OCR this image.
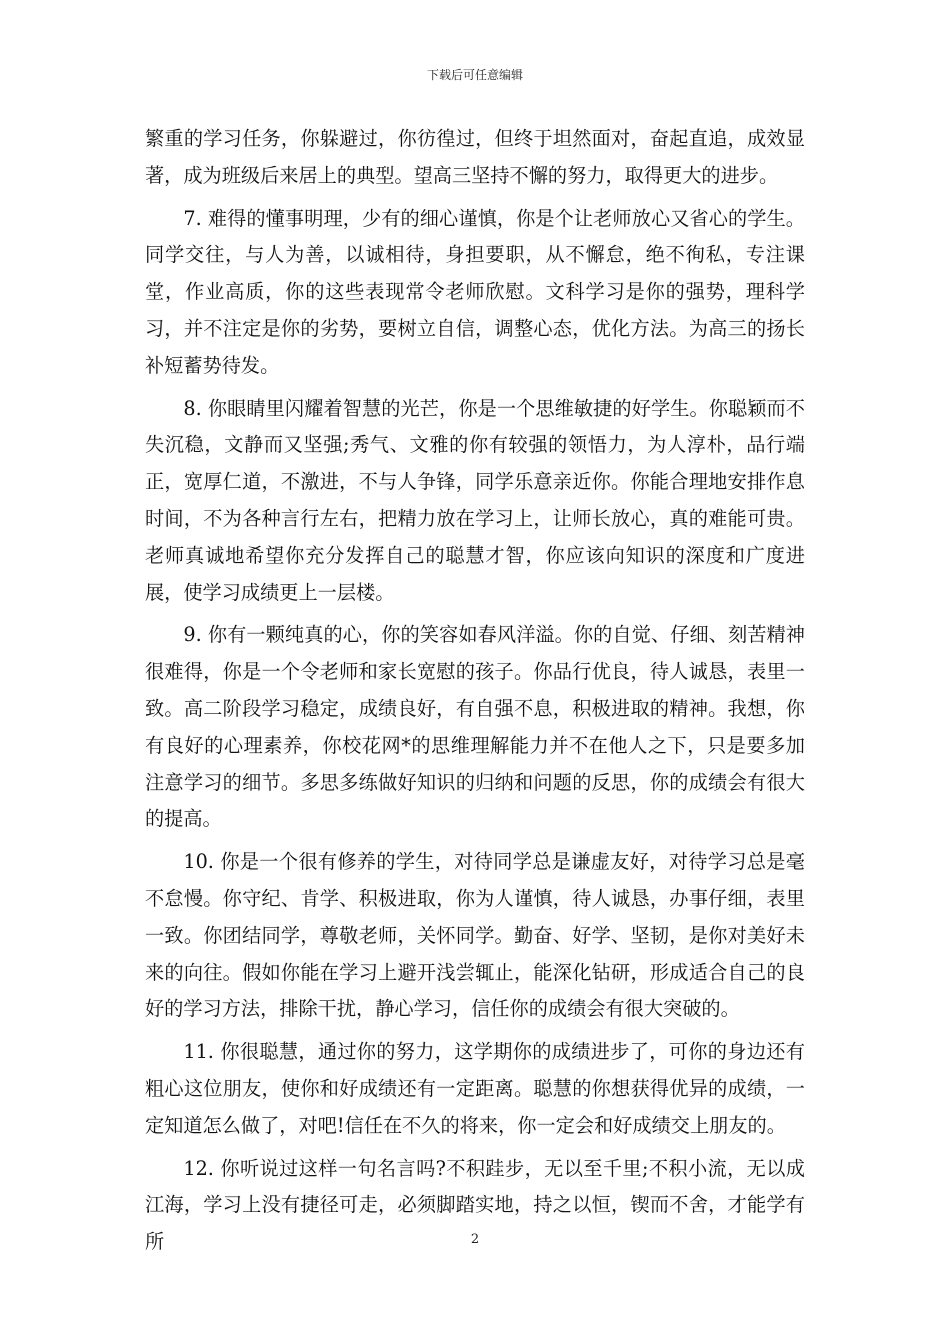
下载后可任意编辑

繁重的学习任务，你躲避过，你彷徨过，但终于坦然面对，奋起直追，成效显著，成为班级后来居上的典型。望高三坚持不懈的努力，取得更大的进步。

7. 难得的懂事明理，少有的细心谨慎，你是个让老师放心又省心的学生。同学交往，与人为善，以诚相待，身担要职，从不懈怠，绝不徇私，专注课堂，作业高质，你的这些表现常令老师欣慰。文科学习是你的强势，理科学习，并不注定是你的劣势，要树立自信，调整心态，优化方法。为高三的扬长补短蓄势待发。

8. 你眼睛里闪耀着智慧的光芒，你是一个思维敏捷的好学生。你聪颖而不失沉稳，文静而又坚强;秀气、文雅的你有较强的领悟力，为人淳朴，品行端正，宽厚仁道，不激进，不与人争锋，同学乐意亲近你。你能合理地安排作息时间，不为各种言行左右，把精力放在学习上，让师长放心，真的难能可贵。老师真诚地希望你充分发挥自己的聪慧才智，你应该向知识的深度和广度进展，使学习成绩更上一层楼。

9. 你有一颗纯真的心，你的笑容如春风洋溢。你的自觉、仔细、刻苦精神很难得，你是一个令老师和家长宽慰的孩子。你品行优良，待人诚恳，表里一致。高二阶段学习稳定，成绩良好，有自强不息，积极进取的精神。我想，你有良好的心理素养，你校花网*的思维理解能力并不在他人之下，只是要多加注意学习的细节。多思多练做好知识的归纳和问题的反思，你的成绩会有很大的提高。

10. 你是一个很有修养的学生，对待同学总是谦虚友好，对待学习总是毫不怠慢。你守纪、肯学、积极进取，你为人谨慎，待人诚恳，办事仔细，表里一致。你团结同学，尊敬老师，关怀同学。勤奋、好学、坚韧，是你对美好未来的向往。假如你能在学习上避开浅尝辄止，能深化钻研，形成适合自己的良好的学习方法，排除干扰，静心学习，信任你的成绩会有很大突破的。

11. 你很聪慧，通过你的努力，这学期你的成绩进步了，可你的身边还有粗心这位朋友，使你和好成绩还有一定距离。聪慧的你想获得优异的成绩，一定知道怎么做了，对吧!信任在不久的将来，你一定会和好成绩交上朋友的。

12. 你听说过这样一句名言吗?不积跬步，无以至千里;不积小流，无以成江海，学习上没有捷径可走，必须脚踏实地，持之以恒，锲而不舍，才能学有所	2
